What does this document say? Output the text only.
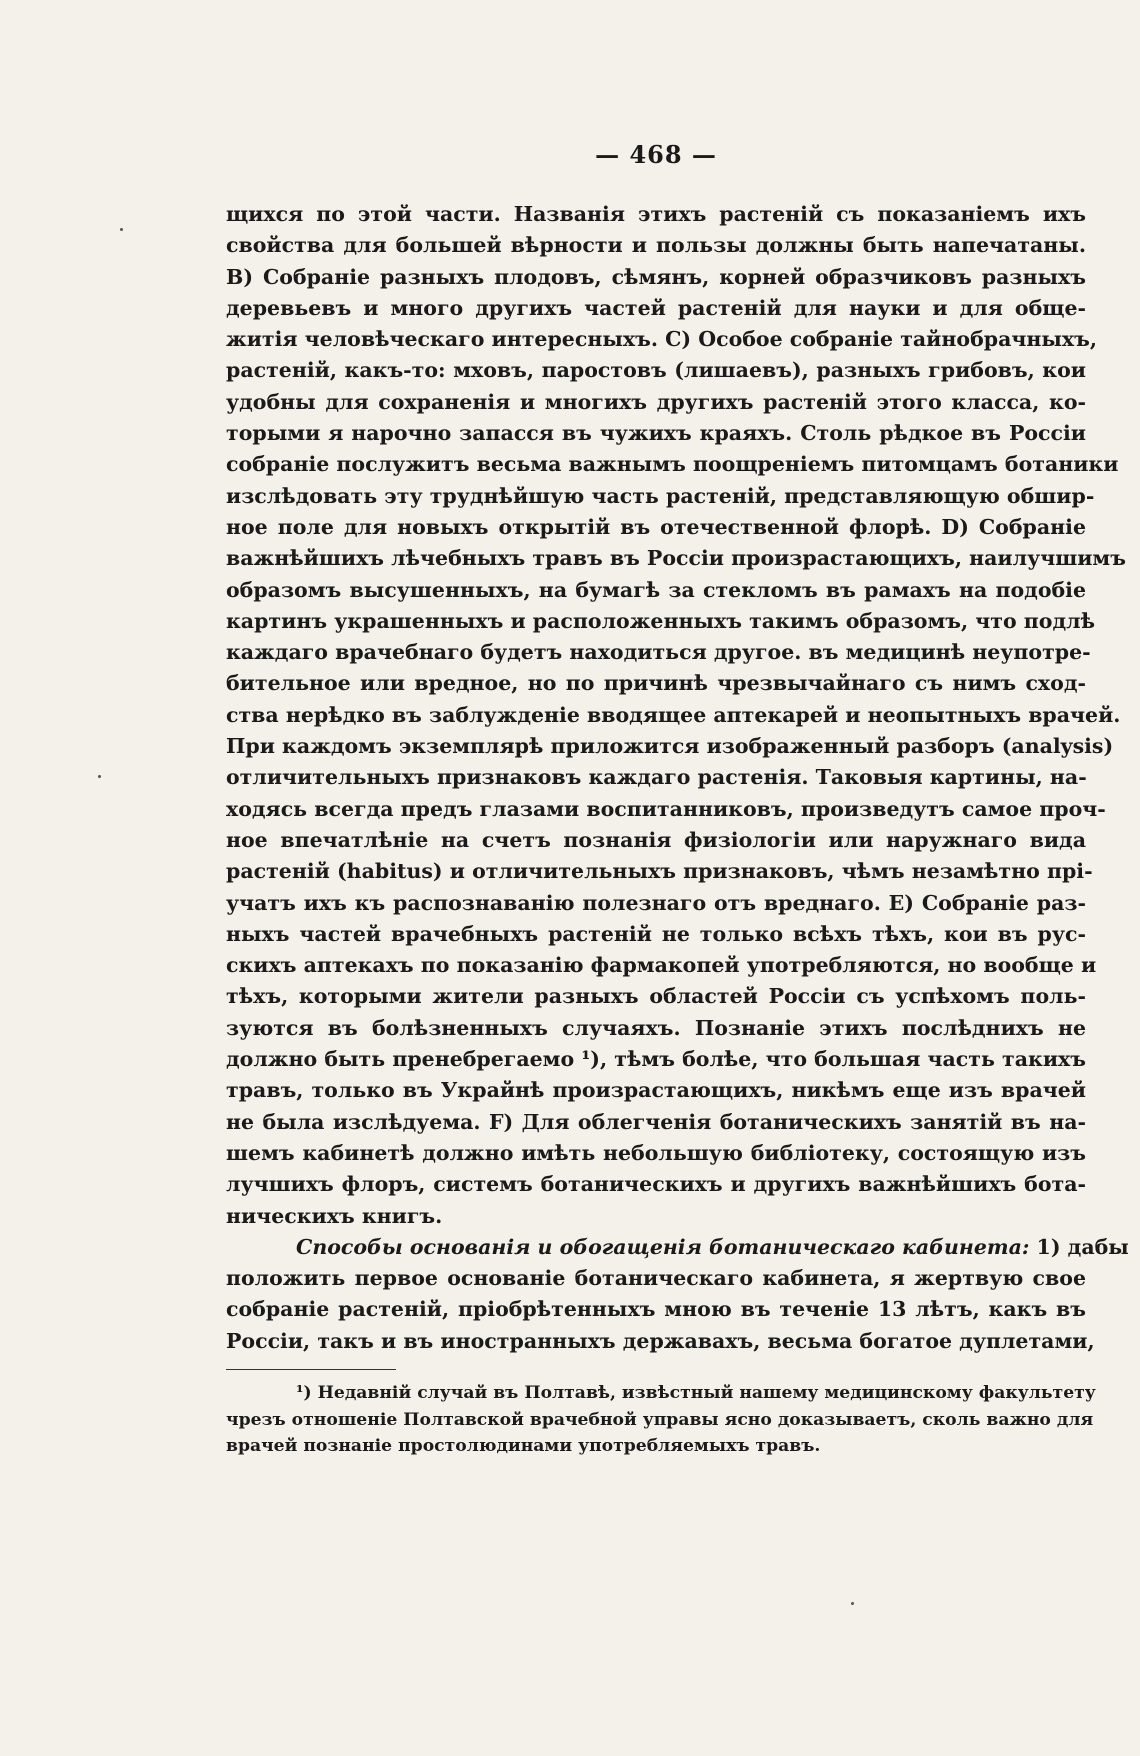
— 468 —
щихся по этой части. Названія этихъ растеній съ показаніемъ ихъ
свойства для большей вѣрности и пользы должны быть напечатаны.
В) Собраніе разныхъ плодовъ, сѣмянъ, корней образчиковъ разныхъ
деревьевъ и много другихъ частей растеній для науки и для обще-
житія человѣческаго интересныхъ. С) Особое собраніе тайнобрачныхъ,
растеній, какъ-то: мховъ, паростовъ (лишаевъ), разныхъ грибовъ, кои
удобны для сохраненія и многихъ другихъ растеній этого класса, ко-
торыми я нарочно запасся въ чужихъ краяхъ. Столь рѣдкое въ Россіи
собраніе послужитъ весьма важнымъ поощреніемъ питомцамъ ботаники
изслѣдовать эту труднѣйшую часть растеній, представляющую обшир-
ное поле для новыхъ открытій въ отечественной флорѣ. D) Собраніе
важнѣйшихъ лѣчебныхъ травъ въ Россіи произрастающихъ, наилучшимъ
образомъ высушенныхъ, на бумагѣ за стекломъ въ рамахъ на подобіе
картинъ украшенныхъ и расположенныхъ такимъ образомъ, что подлѣ
каждаго врачебнаго будетъ находиться другое. въ медицинѣ неупотре-
бительное или вредное, но по причинѣ чрезвычайнаго съ нимъ сход-
ства нерѣдко въ заблужденіе вводящее аптекарей и неопытныхъ врачей.
При каждомъ экземплярѣ приложится изображенный разборъ (analysis)
отличительныхъ признаковъ каждаго растенія. Таковыя картины, на-
ходясь всегда предъ глазами воспитанниковъ, произведутъ самое проч-
ное впечатлѣніе на счетъ познанія физіологіи или наружнаго вида
растеній (habitus) и отличительныхъ признаковъ, чѣмъ незамѣтно прі-
учатъ ихъ къ распознаванію полезнаго отъ вреднаго. Е) Собраніе раз-
ныхъ частей врачебныхъ растеній не только всѣхъ тѣхъ, кои въ рус-
скихъ аптекахъ по показанію фармакопей употребляются, но вообще и
тѣхъ, которыми жители разныхъ областей Россіи съ успѣхомъ поль-
зуются въ болѣзненныхъ случаяхъ. Познаніе этихъ послѣднихъ не
должно быть пренебрегаемо ¹), тѣмъ болѣе, что большая часть такихъ
травъ, только въ Украйнѣ произрастающихъ, никѣмъ еще изъ врачей
не была изслѣдуема. F) Для облегченія ботаническихъ занятій въ на-
шемъ кабинетѣ должно имѣть небольшую библіотеку, состоящую изъ
лучшихъ флоръ, системъ ботаническихъ и другихъ важнѣйшихъ бота-
ническихъ книгъ.
Способы основанія и обогащенія ботаническаго кабинета: 1) дабы
положить первое основаніе ботаническаго кабинета, я жертвую свое
собраніе растеній, пріобрѣтенныхъ мною въ теченіе 13 лѣтъ, какъ въ
Россіи, такъ и въ иностранныхъ державахъ, весьма богатое дуплетами,
¹) Недавній случай въ Полтавѣ, извѣстный нашему медицинскому факультету
чрезъ отношеніе Полтавской врачебной управы ясно доказываетъ, сколь важно для
врачей познаніе простолюдинами употребляемыхъ травъ.
